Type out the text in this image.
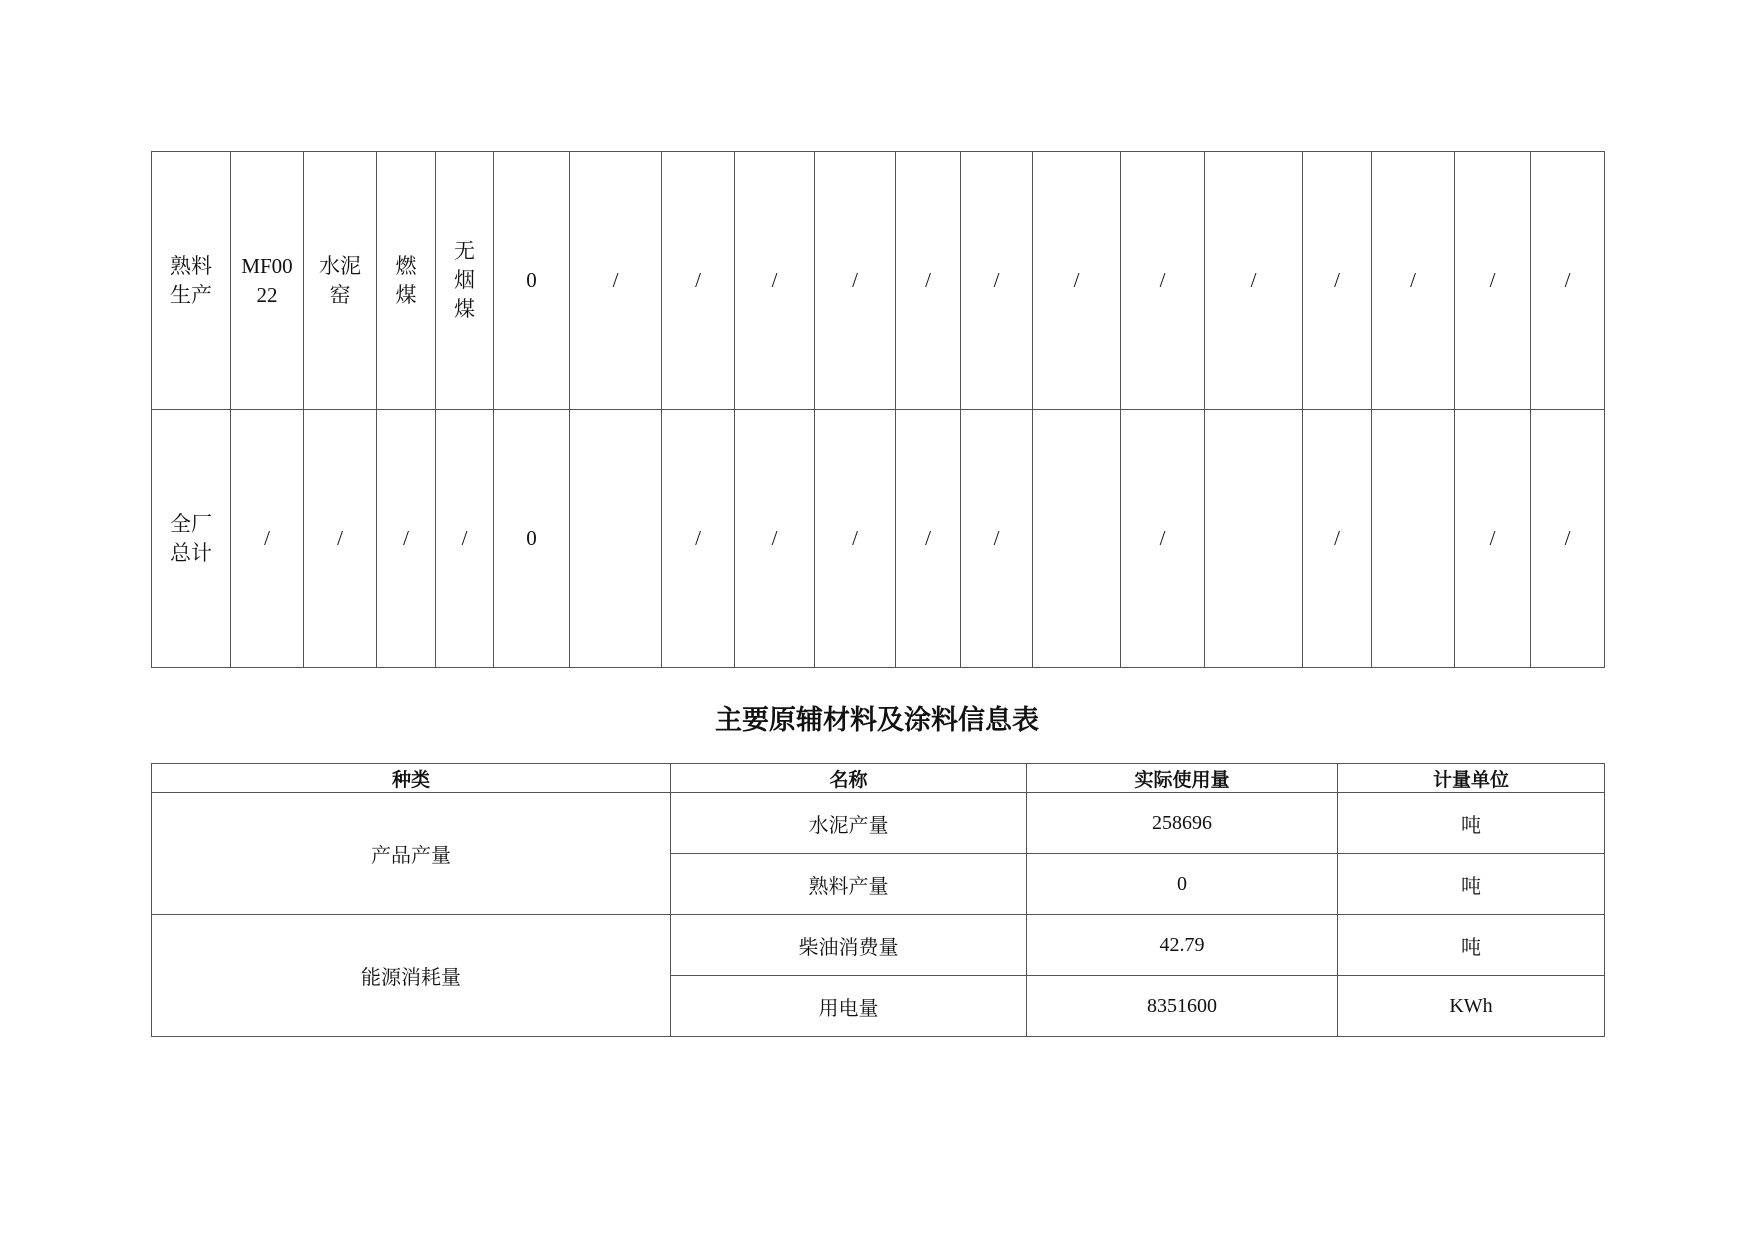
熟料生产	MF0022	水泥窑	燃煤	无烟煤	0	/	/	/	/	/	/	/	/	/	/	/	/	/

全厂总计	/	/	/	/	0		/	/	/	/	/		/		/		/	/
主要原辅材料及涂料信息表
种类	名称	实际使用量	计量单位
产品产量	水泥产量	258696	吨
	熟料产量	0	吨
能源消耗量	柴油消费量	42.79	吨
	用电量	8351600	KWh
